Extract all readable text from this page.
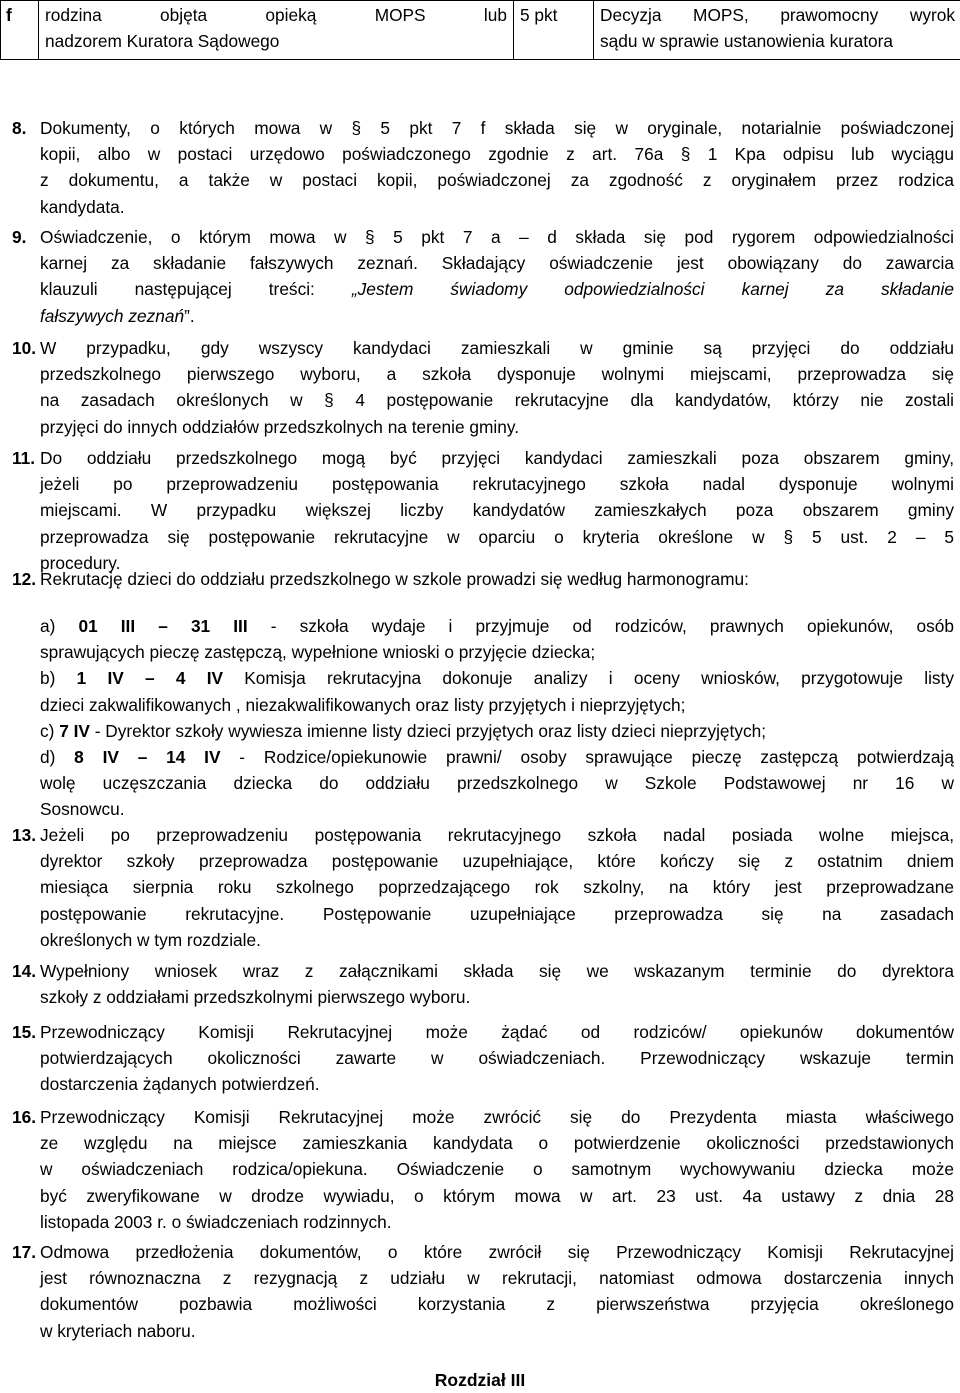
f	rodzina objęta opieką MOPS lub
nadzorem Kuratora Sądowego	5 pkt	Decyzja MOPS, prawomocny wyrok
sądu w sprawie ustanowienia kuratora
8. Dokumenty, o których mowa w § 5 pkt 7 f składa się w oryginale, notarialnie poświadczonej
kopii, albo w postaci urzędowo poświadczonego zgodnie z art. 76a § 1 Kpa odpisu lub wyciągu
z dokumentu, a także w postaci kopii, poświadczonej za zgodność z oryginałem przez rodzica
kandydata.
9. Oświadczenie, o którym mowa w § 5 pkt 7 a – d składa się pod rygorem odpowiedzialności
karnej za składanie fałszywych zeznań. Składający oświadczenie jest obowiązany do zawarcia
klauzuli następującej treści: „Jestem świadomy odpowiedzialności karnej za składanie
fałszywych zeznań”.
10. W przypadku, gdy wszyscy kandydaci zamieszkali w gminie są przyjęci do oddziału
przedszkolnego pierwszego wyboru, a szkoła dysponuje wolnymi miejscami, przeprowadza się
na zasadach określonych w § 4 postępowanie rekrutacyjne dla kandydatów, którzy nie zostali
przyjęci do innych oddziałów przedszkolnych na terenie gminy.
11. Do oddziału przedszkolnego mogą być przyjęci kandydaci zamieszkali poza obszarem gminy,
jeżeli po przeprowadzeniu postępowania rekrutacyjnego szkoła nadal dysponuje wolnymi
miejscami. W przypadku większej liczby kandydatów zamieszkałych poza obszarem gminy
przeprowadza się postępowanie rekrutacyjne w oparciu o kryteria określone w § 5 ust. 2 – 5
procedury.
12. Rekrutację dzieci do oddziału przedszkolnego w szkole prowadzi się według harmonogramu:
a) 01 III – 31 III - szkoła wydaje i przyjmuje od rodziców, prawnych opiekunów, osób
sprawujących pieczę zastępczą, wypełnione wnioski o przyjęcie dziecka;
b) 1 IV – 4 IV Komisja rekrutacyjna dokonuje analizy i oceny wniosków, przygotowuje listy
dzieci zakwalifikowanych , niezakwalifikowanych oraz listy przyjętych i nieprzyjętych;
c) 7 IV - Dyrektor szkoły wywiesza imienne listy dzieci przyjętych oraz listy dzieci nieprzyjętych;
d) 8 IV – 14 IV - Rodzice/opiekunowie prawni/ osoby sprawujące pieczę zastępczą potwierdzają
wolę uczęszczania dziecka do oddziału przedszkolnego w Szkole Podstawowej nr 16 w
Sosnowcu.
13. Jeżeli po przeprowadzeniu postępowania rekrutacyjnego szkoła nadal posiada wolne miejsca,
dyrektor szkoły przeprowadza postępowanie uzupełniające, które kończy się z ostatnim dniem
miesiąca sierpnia roku szkolnego poprzedzającego rok szkolny, na który jest przeprowadzane
postępowanie rekrutacyjne. Postępowanie uzupełniające przeprowadza się na zasadach
określonych w tym rozdziale.
14. Wypełniony wniosek wraz z załącznikami składa się we wskazanym terminie do dyrektora
szkoły z oddziałami przedszkolnymi pierwszego wyboru.
15. Przewodniczący Komisji Rekrutacyjnej może żądać od rodziców/ opiekunów dokumentów
potwierdzających okoliczności zawarte w oświadczeniach. Przewodniczący wskazuje termin
dostarczenia żądanych potwierdzeń.
16. Przewodniczący Komisji Rekrutacyjnej może zwrócić się do Prezydenta miasta właściwego
ze względu na miejsce zamieszkania kandydata o potwierdzenie okoliczności przedstawionych
w oświadczeniach rodzica/opiekuna. Oświadczenie o samotnym wychowywaniu dziecka może
być zweryfikowane w drodze wywiadu, o którym mowa w art. 23 ust. 4a ustawy z dnia 28
listopada 2003 r. o świadczeniach rodzinnych.
17. Odmowa przedłożenia dokumentów, o które zwrócił się Przewodniczący Komisji Rekrutacyjnej
jest równoznaczna z rezygnacją z udziału w rekrutacji, natomiast odmowa dostarczenia innych
dokumentów pozbawia możliwości korzystania z pierwszeństwa przyjęcia określonego
w kryteriach naboru.
Rozdział III
